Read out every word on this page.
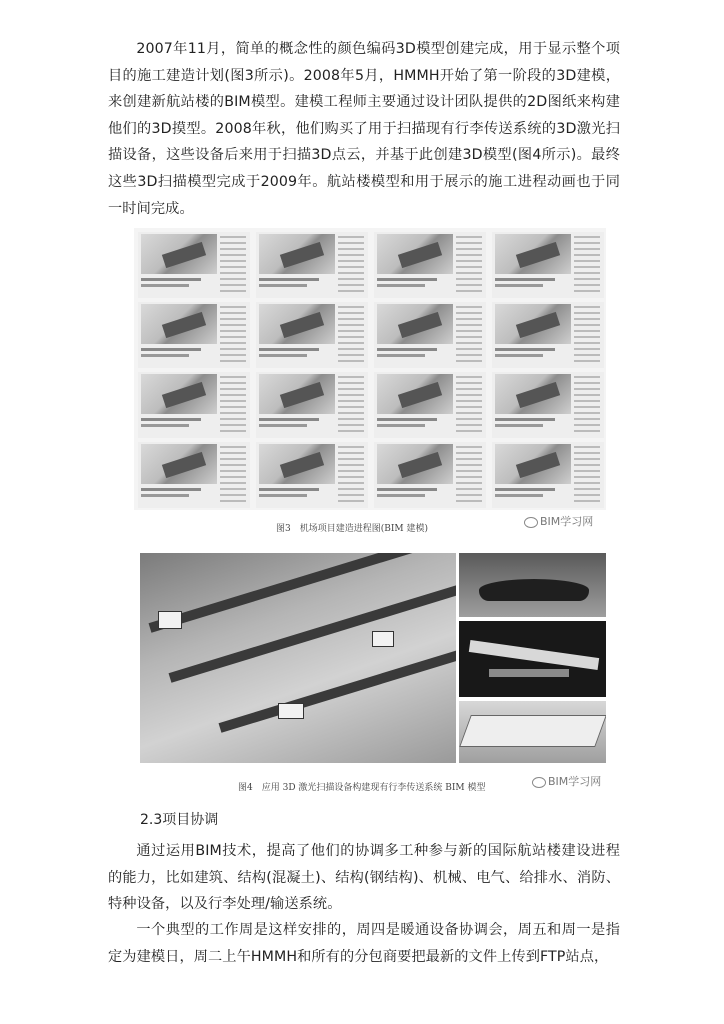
2007年11月，简单的概念性的颜色编码3D模型创建完成，用于显示整个项目的施工建造计划(图3所示)。2008年5月，HMMH开始了第一阶段的3D建模，来创建新航站楼的BIM模型。建模工程师主要通过设计团队提供的2D图纸来构建他们的3D摸型。2008年秋，他们购买了用于扫描现有行李传送系统的3D激光扫描设备，这些设备后来用于扫描3D点云，并基于此创建3D模型(图4所示)。最终这些3D扫描模型完成于2009年。航站楼模型和用于展示的施工进程动画也于同一时间完成。

图3　机场项目建造进程图(BIM 建模)

BIM学习网

图4　应用 3D 激光扫描设备构建现有行李传送系统 BIM 模型	BIM学习网

2.3项目协调

通过运用BIM技术，提高了他们的协调多工种参与新的国际航站楼建设进程的能力，比如建筑、结构(混凝土)、结构(钢结构)、机械、电气、给排水、消防、特种设备，以及行李处理/输送系统。

一个典型的工作周是这样安排的，周四是暖通设备协调会，周五和周一是指定为建模日，周二上午HMMH和所有的分包商要把最新的文件上传到FTP站点，
